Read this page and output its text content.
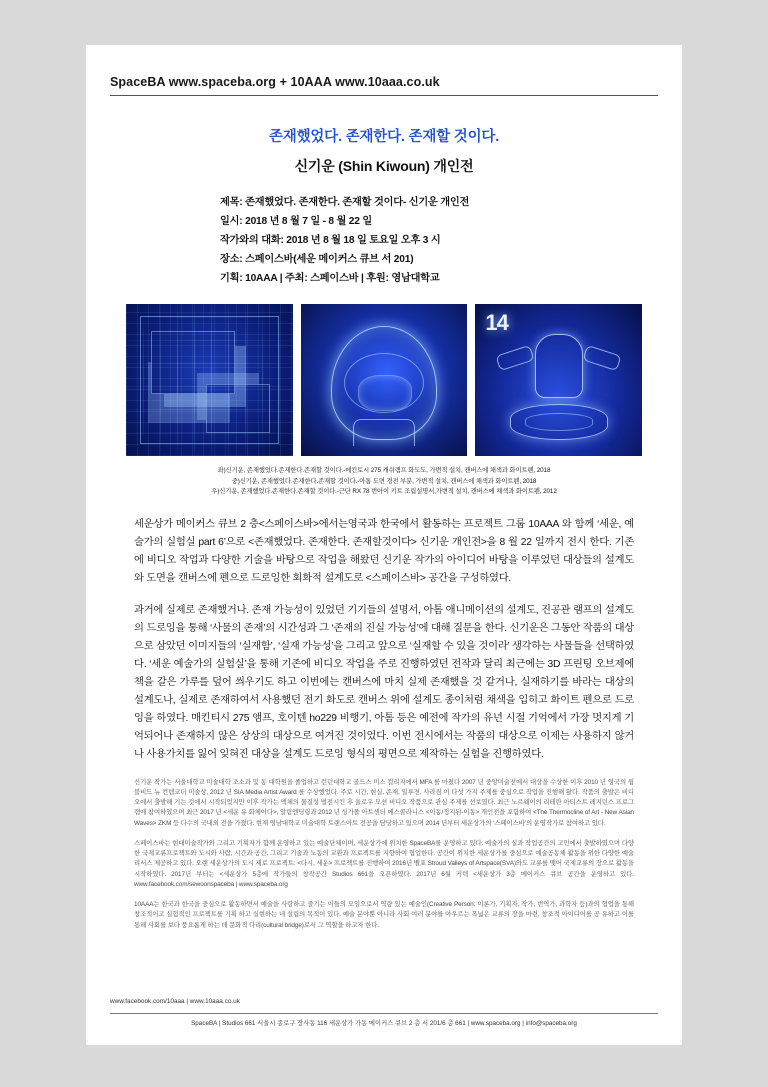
SpaceBA www.spaceba.org + 10AAA www.10aaa.co.uk
존재했었다. 존재한다. 존재할 것이다.
신기운 (Shin Kiwoun) 개인전
제목: 존재했었다. 존재한다. 존재할 것이다- 신기운 개인전
일시: 2018 년 8 월 7 일 - 8 월 22 일
작가와의 대화: 2018 년 8 월 18 일 토요일 오후 3 시
장소: 스페이스바(세운 메이커스 큐브 서 201)
기획: 10AAA | 주최: 스페이스바 | 후원: 영남대학교
14
좌)신기운, 존재했었다.존재한다.존재할 것이다.-메킨토시 275 캐쉬램프 화도도, 가변적 설치, 캔버스에 채색과 화이트펜, 2018
중)신기운, 존재했었다.존재한다.존재할 것이다.-아톰 도면 경전 부분, 가변적 설치, 캔버스에 채색과 화이트펜, 2018
우)신기운, 존재했었다.존재한다.존재할 것이다.-근단 RX 78 번아이 키트 조립설명서,가변적 설치, 캔버스에 채색과 화이트펜, 2012

세운상가 메이커스 큐브 2 층<스페이스바>에서는영국과 한국에서 활동하는 프로젝트 그룹 10AAA 와 함께 ‘세운, 예술가의 실험실 part 6’으로 <존재했었다. 존재한다. 존재할것이다> 신기운 개인전>을 8 월 22 일까지 전시 한다. 기존에 비디오 작업과 다양한 기술을 바탕으로 작업을 해왔던 신기운 작가의 아이디어 바탕을 이루었던 대상들의 설계도와 도면을 캔버스에 펜으로 드로잉한 회화적 설계도로 <스페이스바> 공간을 구성하였다.

과거에 실제로 존재했거나. 존재 가능성이 있었던 기기들의 설명서, 아톰 애니메이션의 설계도, 진공관 램프의 설계도의 드로잉을 통해 ‘사물의 존재’의 시간성과 그 ‘존재의 진실 가능성’에 대해 질문을 한다. 신기운은 그동안 작품의 대상으로 삼았던 이미지들의 ‘실재함’, ‘실재 가능성’을 그리고 앞으로 ‘실재할 수 있을 것이라’ 생각하는 사물들을 선택하였다. ‘세운 예술가의 실험실’을 통해 기존에 비디오 작업을 주로 진행하였던 전작과 달리 최근에는 3D 프린팅 오브제에 책을 갈은 가루를 덮어 씌우기도 하고 이번에는 캔버스에 마치 실제 존재했을 것 같거나, 실재하기를 바라는 대상의 설계도나, 실제로 존재하여서 사용했던 전기 화도로 캔버스 위에 설계도 종이처럼 채색을 입히고 화이트 펜으로 드로잉을 하였다. 매킨티시 275 앰프, 호이텐 ho229 비행기, 아톰 등은 예전에 작가의 유년 시절 기억에서 가장 멋지게 기억되어나 존재하지 않은 상상의 대상으로 여겨진 것이었다. 이번 전시에서는 작품의 대상으로 이제는 사용하지 않거나 사용가치를 잃어 잊혀진 대상을 설계도 드로잉 형식의 평면으로 제작하는 실험을 진행하였다.

신기운 작가는 서울대학교 미술대학 조소과 및 동 대학원을 졸업하고 런던대학교 골드스 미스 컬리지에서 MFA 를 마쳤다 2007 년 중앙미술전에서 대상을 수상한 이후 2010 년 영국의 웜블비드 뉴 컨템코더 미술상, 2012 년 SIA Media Artist Award 를 수상했었다. 주로 시간, 현실, 존재, 일루젼, 사라짐 이 다섯 가지 주제를 중심으로 작업을 진행해 왔다. 작품의 출발은 비디오에서 출발해 기는 것에서 시작되었지만 이후 작가는 액체의 물질성 벌전시킨 후 울로우 모션 비디오 작품으로 관심 주제를 선보였다. 최근 노르웨이의 리테란 아티스트 레지던스 프로그램에 참여하였으며 최근 2017 년 <세운 유 화체이다>, 알림엔딩링과 2012 년 싱가폴 아트센터 에스콜라니스 <이동/정지된-이동> 개인전을 포함하여 <The Thermocline of Art - New Asian Waves> ZKM 등 다수의 국내외 전을 가졌다. 현재 영남대학교 미술대학 트랜스아트 전공을 담당하고 있으며 2014 년부터 세운상가의 ‘스페이스바’의 운영작가로 참여하고 있다.

스페이스바는 현대미술작가와 그리고 기획자가 함께 운영하고 있는 예술단체이며, 세운상가에 위치한 SpaceBA를 운영하고 있다. 예술가의 실과 작업공간의 고민에서 출발하였으며 다양한 국제교류프로젝트와 도시와 사람, 시간과 공간, 그리고 기술과 노동의 교환과 프로젝트를 지향하여 협업한다. 공간이 위치한 세운상가를 중심으로 예술공동체 활동을 위한 다양한 예술리서스 제공하고 있다. 오랜 세운상가의 도시 제로 프로젝트: <다시, 세운> 프로젝트를 진행하여 2016년 벨포 Stroud Valleys of Artspace(SVA)와도 교류를 맺어 국제교류의 장으로 활동을 시작하였다. 2017년 부터는 <세운상가 5층에 작가들의 창작공간 Studios 661을 오픈하였다. 2017년 6월 커텍 <세운상가 3층 메이커스 큐브 공간을 운영하고 있다. www.facebook.com/sewoonspaceba | www.spaceba.org

10AAA는 한국과 한국을 중심으로 활동하면서 예술을 사랑하고 즐기는 이들의 모임으로서 역량 있는 예술인(Creative Person; 이론가, 기획자, 작가, 번역가, 과학자 등)과의 협업을 통해 창조적이고 실험적인 프로젝트를 기획 하고 실현하는 네 설립의 목적이 있다. 예술 분야뿐 아니라 사회 여러 분야를 아우르는 폭넓은 교류의 장을 마련, 창조적 아이디어를 공 유하고 이를 통해 사회를 보다 풍요롭게 하는 데 문화적 다리(cultural bridge)로서 그 역할을 하고자 한다.

www.facebook.com/10aaa | www.10aaa.co.uk
SpaceBA | Studios 661 서울시 종로구 장사동 116 세운상가 가동 메이커스 큐브 2 층 서 201/6 층 661 | www.spaceba.org | info@spaceba.org
